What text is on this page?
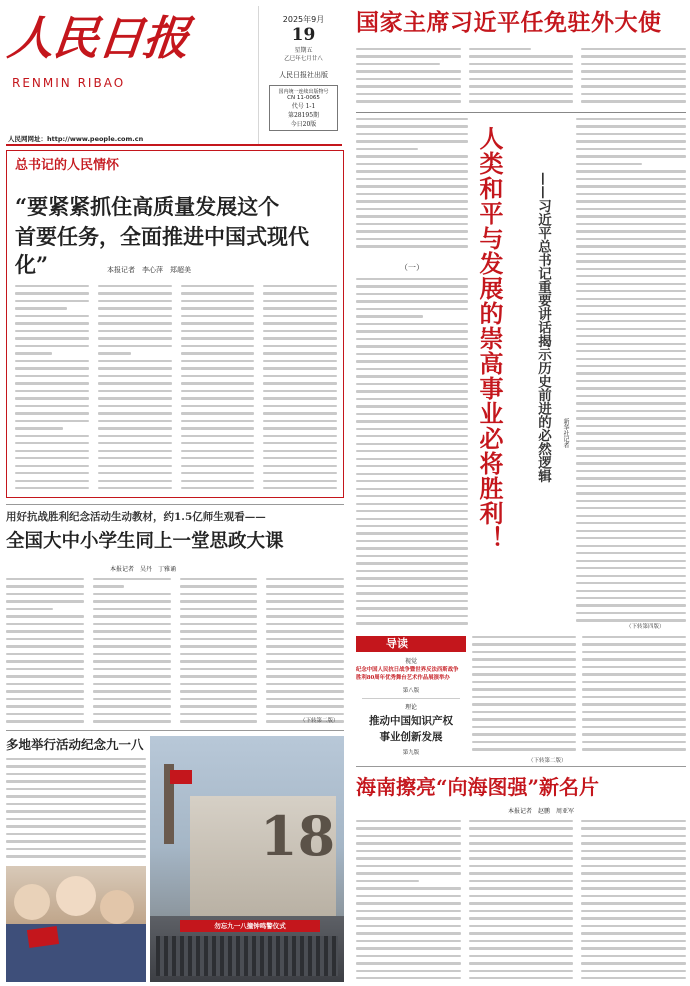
人民日报
RENMIN RIBAO
2025年9月
19
星期五
乙巳年七月廿八
人民日报社出版
国内统一连续出版物号
CN 11-0065
代号 1-1
第28195期
今日20版
人民网网址：http://www.people.com.cn
国家主席习近平任免驻外大使
总书记的人民情怀
“要紧紧抓住高质量发展这个
首要任务，全面推进中国式现代化”	本报记者　李心萍　郑超美	人类和平与发展的崇高事业必将胜利！ ——习近平总书记重要讲话揭示历史前进的必然逻辑 新华社记者
（一）
（下转第四版）
用好抗战胜利纪念活动生动教材，约1.5亿师生观看——
全国大中小学生同上一堂思政大课
本报记者　吴丹　丁雅诵
（下转第二版）
导读
视觉
纪念中国人民抗日战争暨世界反法西斯战争
胜利80周年优秀舞台艺术作品展演举办
第八版
理论
推动中国知识产权
事业创新发展
第九版
（下转第二版）
海南擦亮“向海图强”新名片
本报记者　赵鹏　周亚军
多地举行活动纪念九一八
18
勿忘九一八撞钟鸣警仪式
